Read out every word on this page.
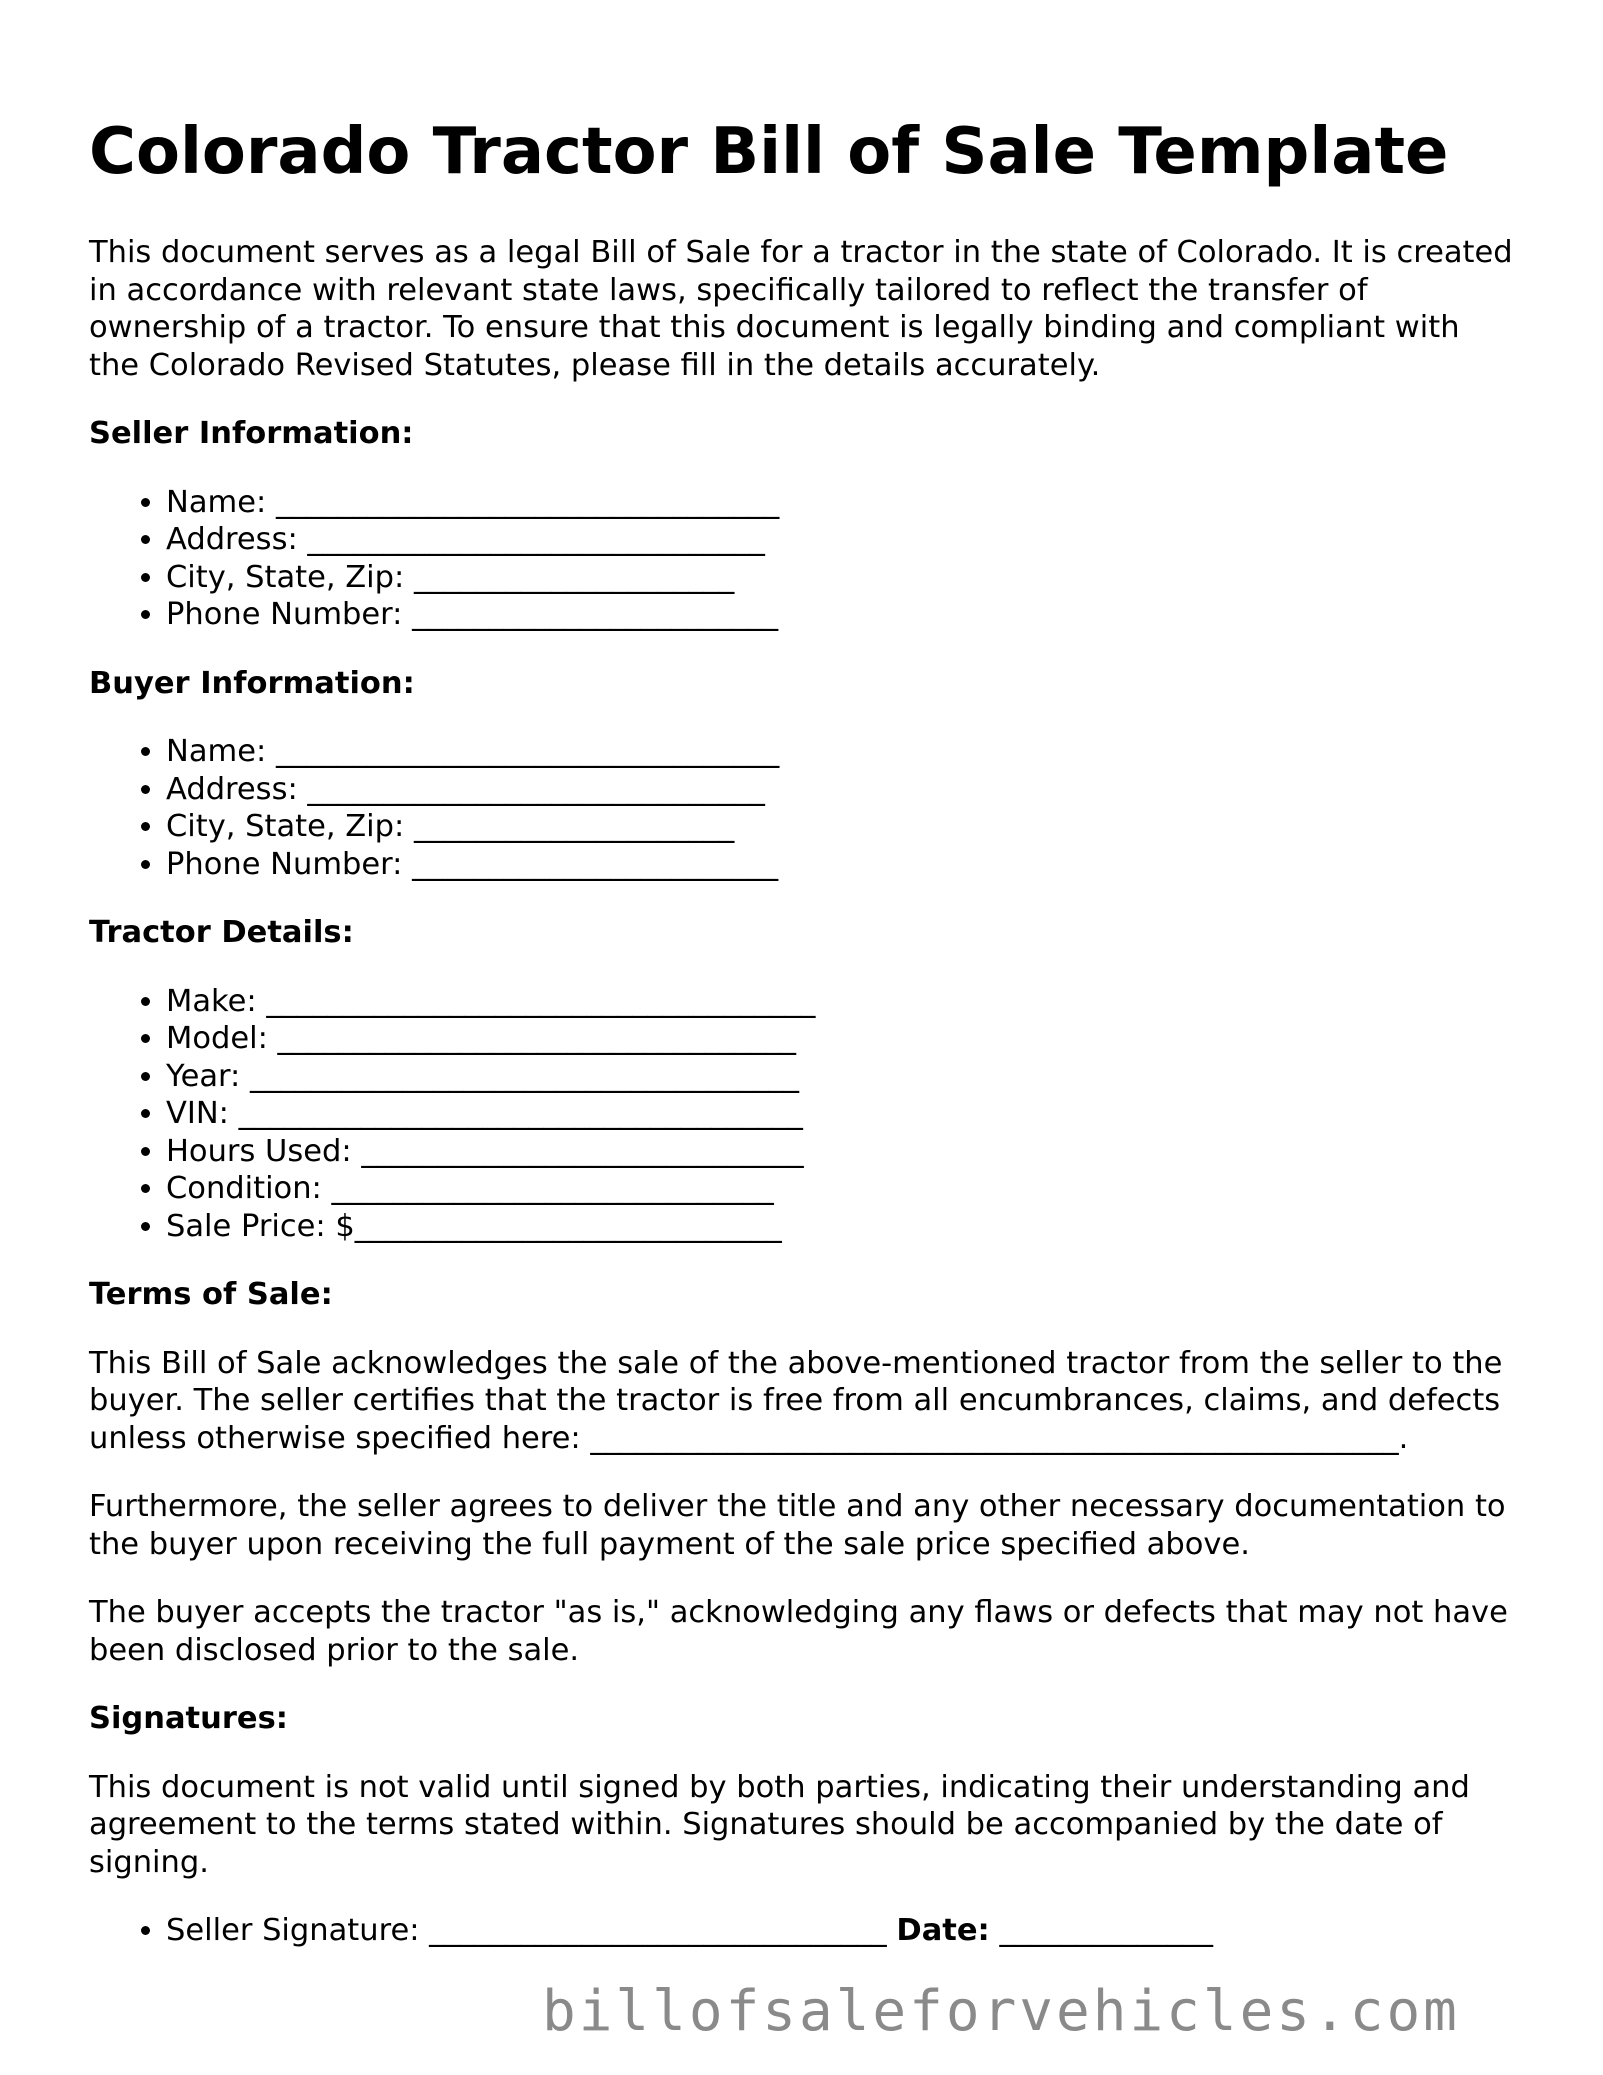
Colorado Tractor Bill of Sale Template

This document serves as a legal Bill of Sale for a tractor in the state of Colorado. It is created in accordance with relevant state laws, specifically tailored to reflect the transfer of ownership of a tractor. To ensure that this document is legally binding and compliant with the Colorado Revised Statutes, please fill in the details accurately.

Seller Information:
• Name: _________________________________
• Address: ______________________________
• City, State, Zip: _____________________
• Phone Number: ________________________
Buyer Information:
• Name: _________________________________
• Address: ______________________________
• City, State, Zip: _____________________
• Phone Number: ________________________
Tractor Details:
• Make: ____________________________________
• Model: __________________________________
• Year: ____________________________________
• VIN: _____________________________________
• Hours Used: _____________________________
• Condition: _____________________________
• Sale Price: $____________________________
Terms of Sale:

This Bill of Sale acknowledges the sale of the above-mentioned tractor from the seller to the buyer. The seller certifies that the tractor is free from all encumbrances, claims, and defects unless otherwise specified here: _____________________________________________________.

Furthermore, the seller agrees to deliver the title and any other necessary documentation to the buyer upon receiving the full payment of the sale price specified above.

The buyer accepts the tractor "as is," acknowledging any flaws or defects that may not have been disclosed prior to the sale.

Signatures:

This document is not valid until signed by both parties, indicating their understanding and agreement to the terms stated within. Signatures should be accompanied by the date of signing.

• Seller Signature: ______________________________ Date: ______________
billofsaleforvehicles.com
